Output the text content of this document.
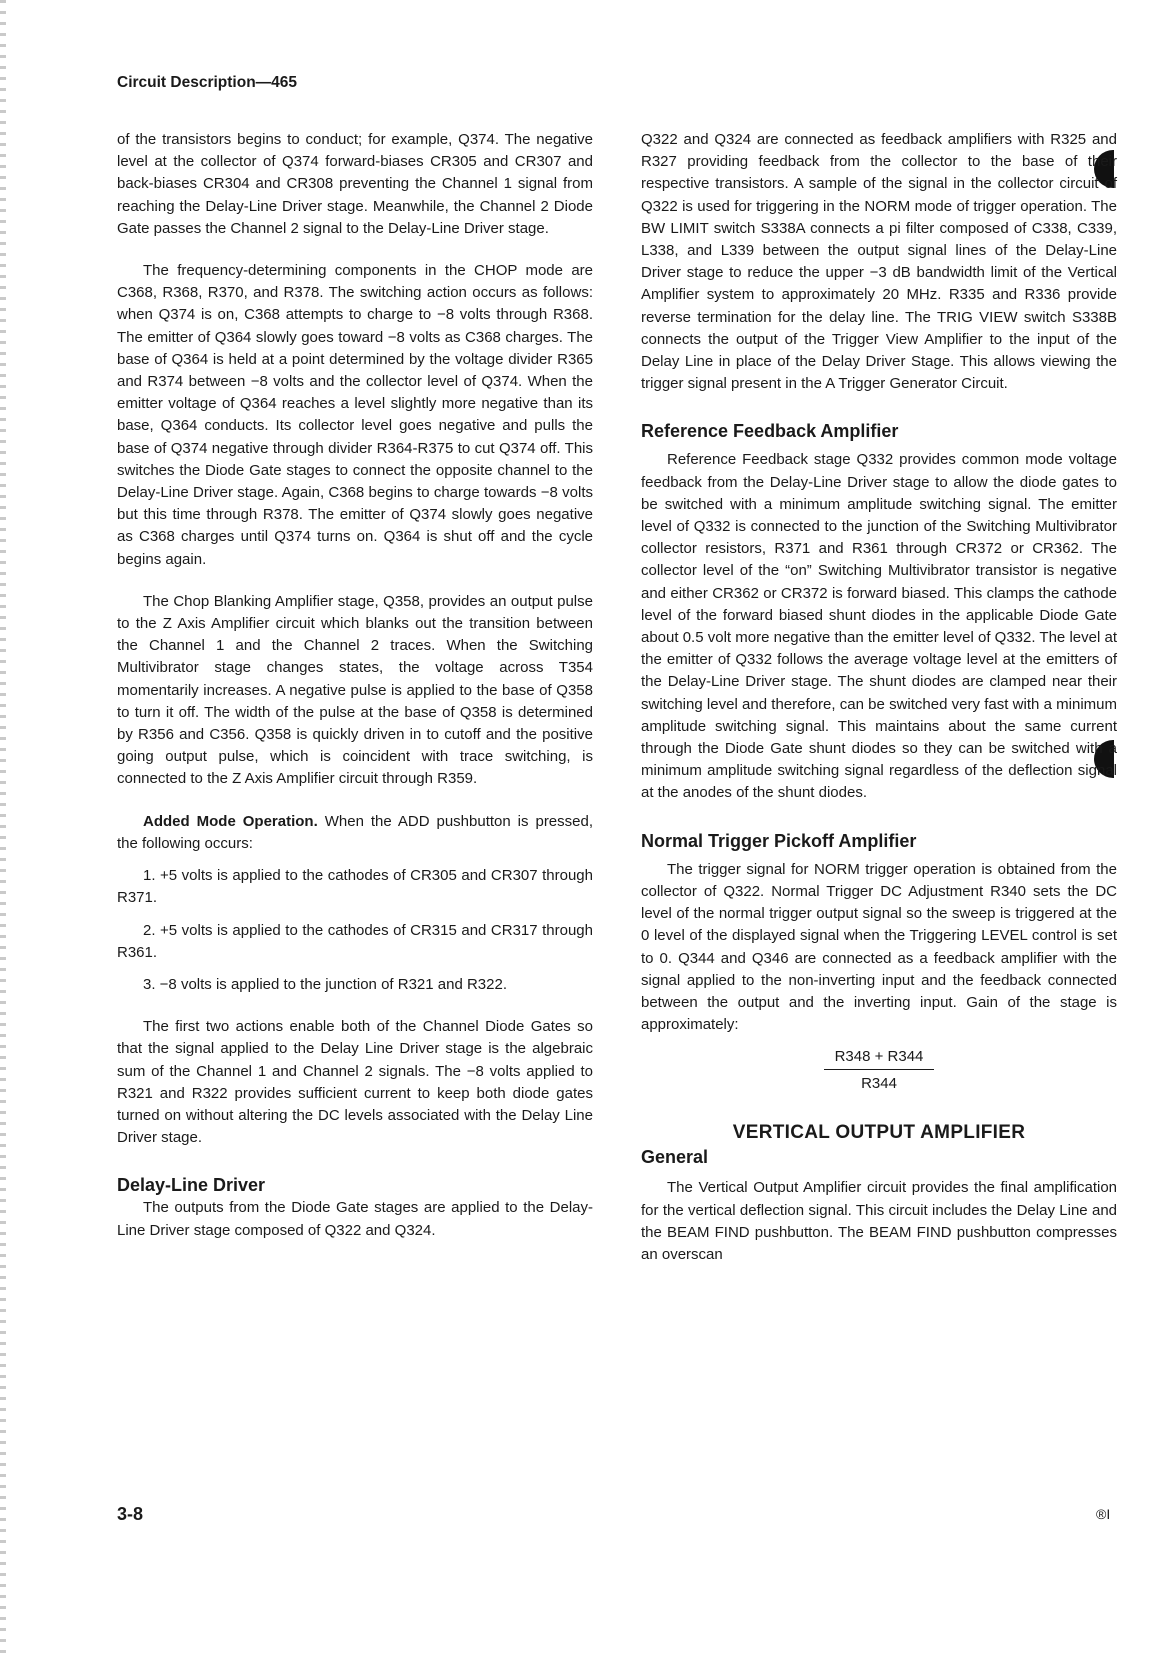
Circuit Description—465

of the transistors begins to conduct; for example, Q374. The negative level at the collector of Q374 forward-biases CR305 and CR307 and back-biases CR304 and CR308 preventing the Channel 1 signal from reaching the Delay-Line Driver stage. Meanwhile, the Channel 2 Diode Gate passes the Channel 2 signal to the Delay-Line Driver stage.

The frequency-determining components in the CHOP mode are C368, R368, R370, and R378. The switching action occurs as follows: when Q374 is on, C368 attempts to charge to −8 volts through R368. The emitter of Q364 slowly goes toward −8 volts as C368 charges. The base of Q364 is held at a point determined by the voltage divider R365 and R374 between −8 volts and the collector level of Q374. When the emitter voltage of Q364 reaches a level slightly more negative than its base, Q364 conducts. Its collector level goes negative and pulls the base of Q374 negative through divider R364-R375 to cut Q374 off. This switches the Diode Gate stages to connect the opposite channel to the Delay-Line Driver stage. Again, C368 begins to charge towards −8 volts but this time through R378. The emitter of Q374 slowly goes negative as C368 charges until Q374 turns on. Q364 is shut off and the cycle begins again.

The Chop Blanking Amplifier stage, Q358, provides an output pulse to the Z Axis Amplifier circuit which blanks out the transition between the Channel 1 and the Channel 2 traces. When the Switching Multivibrator stage changes states, the voltage across T354 momentarily increases. A negative pulse is applied to the base of Q358 to turn it off. The width of the pulse at the base of Q358 is determined by R356 and C356. Q358 is quickly driven in to cutoff and the positive going output pulse, which is coincident with trace switching, is connected to the Z Axis Amplifier circuit through R359.

Added Mode Operation. When the ADD pushbutton is pressed, the following occurs:

1. +5 volts is applied to the cathodes of CR305 and CR307 through R371.

2. +5 volts is applied to the cathodes of CR315 and CR317 through R361.

3. −8 volts is applied to the junction of R321 and R322.

The first two actions enable both of the Channel Diode Gates so that the signal applied to the Delay Line Driver stage is the algebraic sum of the Channel 1 and Channel 2 signals. The −8 volts applied to R321 and R322 provides sufficient current to keep both diode gates turned on without altering the DC levels associated with the Delay Line Driver stage.

Delay-Line Driver

The outputs from the Diode Gate stages are applied to the Delay-Line Driver stage composed of Q322 and Q324.

Q322 and Q324 are connected as feedback amplifiers with R325 and R327 providing feedback from the collector to the base of their respective transistors. A sample of the signal in the collector circuit of Q322 is used for triggering in the NORM mode of trigger operation. The BW LIMIT switch S338A connects a pi filter composed of C338, C339, L338, and L339 between the output signal lines of the Delay-Line Driver stage to reduce the upper −3 dB bandwidth limit of the Vertical Amplifier system to approximately 20 MHz. R335 and R336 provide reverse termination for the delay line. The TRIG VIEW switch S338B connects the output of the Trigger View Amplifier to the input of the Delay Line in place of the Delay Driver Stage. This allows viewing the trigger signal present in the A Trigger Generator Circuit.

Reference Feedback Amplifier

Reference Feedback stage Q332 provides common mode voltage feedback from the Delay-Line Driver stage to allow the diode gates to be switched with a minimum amplitude switching signal. The emitter level of Q332 is connected to the junction of the Switching Multivibrator collector resistors, R371 and R361 through CR372 or CR362. The collector level of the “on” Switching Multivibrator transistor is negative and either CR362 or CR372 is forward biased. This clamps the cathode level of the forward biased shunt diodes in the applicable Diode Gate about 0.5 volt more negative than the emitter level of Q332. The level at the emitter of Q332 follows the average voltage level at the emitters of the Delay-Line Driver stage. The shunt diodes are clamped near their switching level and therefore, can be switched very fast with a minimum amplitude switching signal. This maintains about the same current through the Diode Gate shunt diodes so they can be switched with a minimum amplitude switching signal regardless of the deflection signal at the anodes of the shunt diodes.

Normal Trigger Pickoff Amplifier

The trigger signal for NORM trigger operation is obtained from the collector of Q322. Normal Trigger DC Adjustment R340 sets the DC level of the normal trigger output signal so the sweep is triggered at the 0 level of the displayed signal when the Triggering LEVEL control is set to 0. Q344 and Q346 are connected as a feedback amplifier with the signal applied to the non-inverting input and the feedback connected between the output and the inverting input. Gain of the stage is approximately:

R348 + R344
R344
VERTICAL OUTPUT AMPLIFIER
General

The Vertical Output Amplifier circuit provides the final amplification for the vertical deflection signal. This circuit includes the Delay Line and the BEAM FIND pushbutton. The BEAM FIND pushbutton compresses an overscan

3-8	®I
